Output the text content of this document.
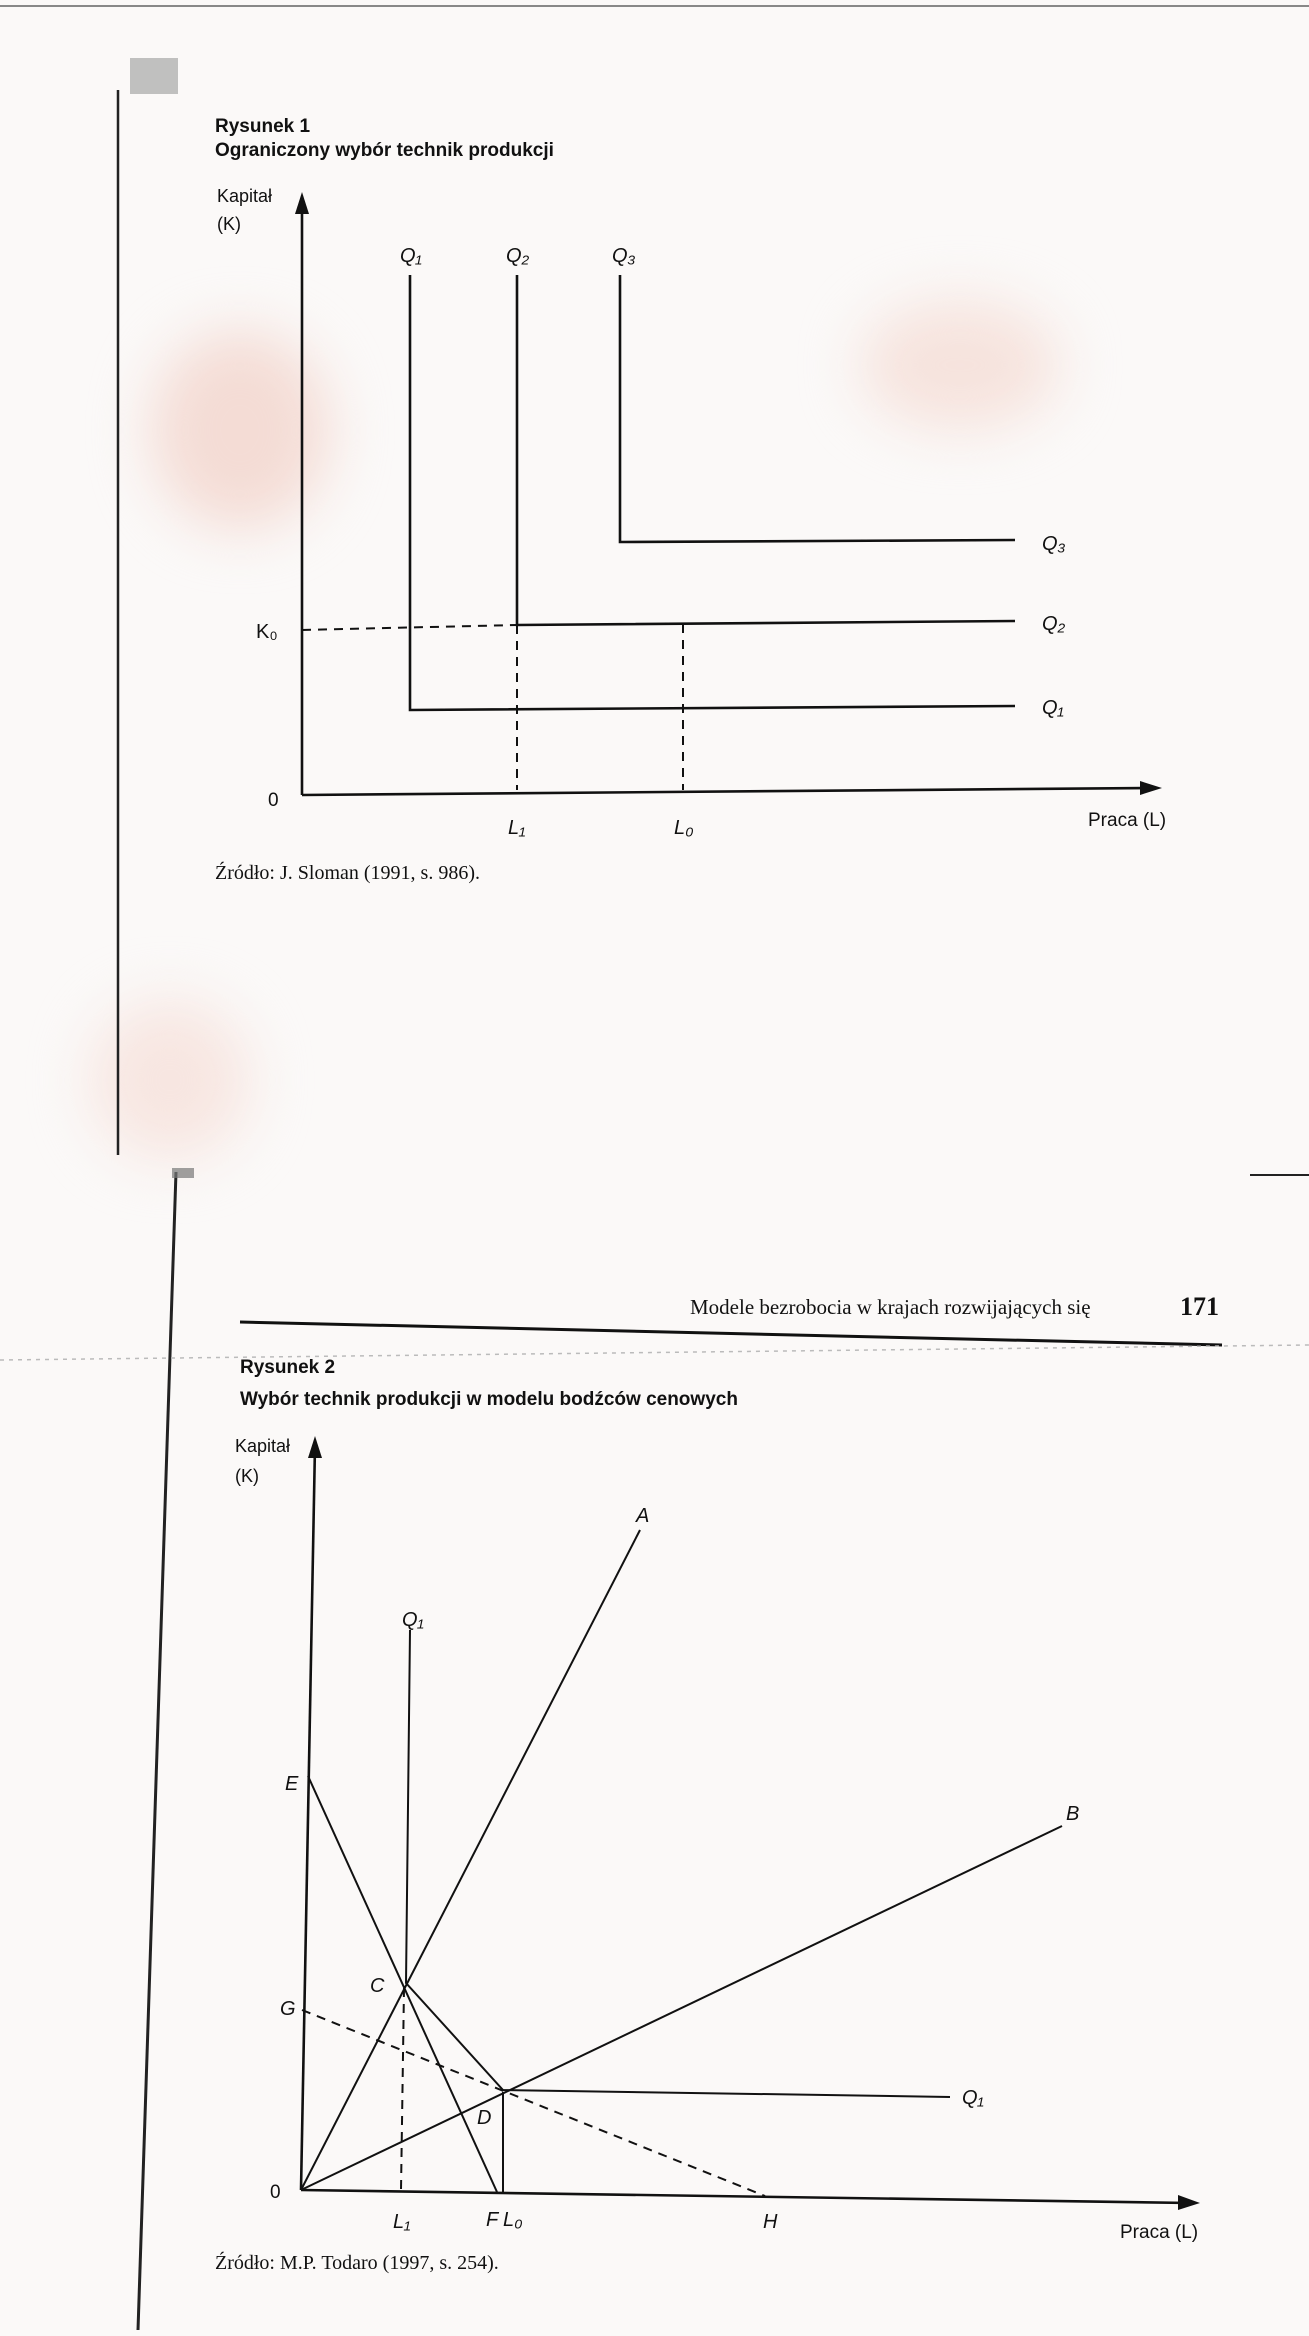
Rysunek 1
Ograniczony wybór technik produkcji
Kapitał
(K)
0
K₀
L₁	L₀	Praca (L)
Q₁	Q₂	Q₃
Q₃
Q₂
Q₁
Źródło: J. Sloman (1991, s. 986).
Modele bezrobocia w krajach rozwijających się	171
Rysunek 2
Wybór technik produkcji w modelu bodźców cenowych
Kapitał
(K)
0
Praca (L)
A
B
C
D
E
F
G
H
Q₁
Q₁
L₁	L₀
Źródło: M.P. Todaro (1997, s. 254).
